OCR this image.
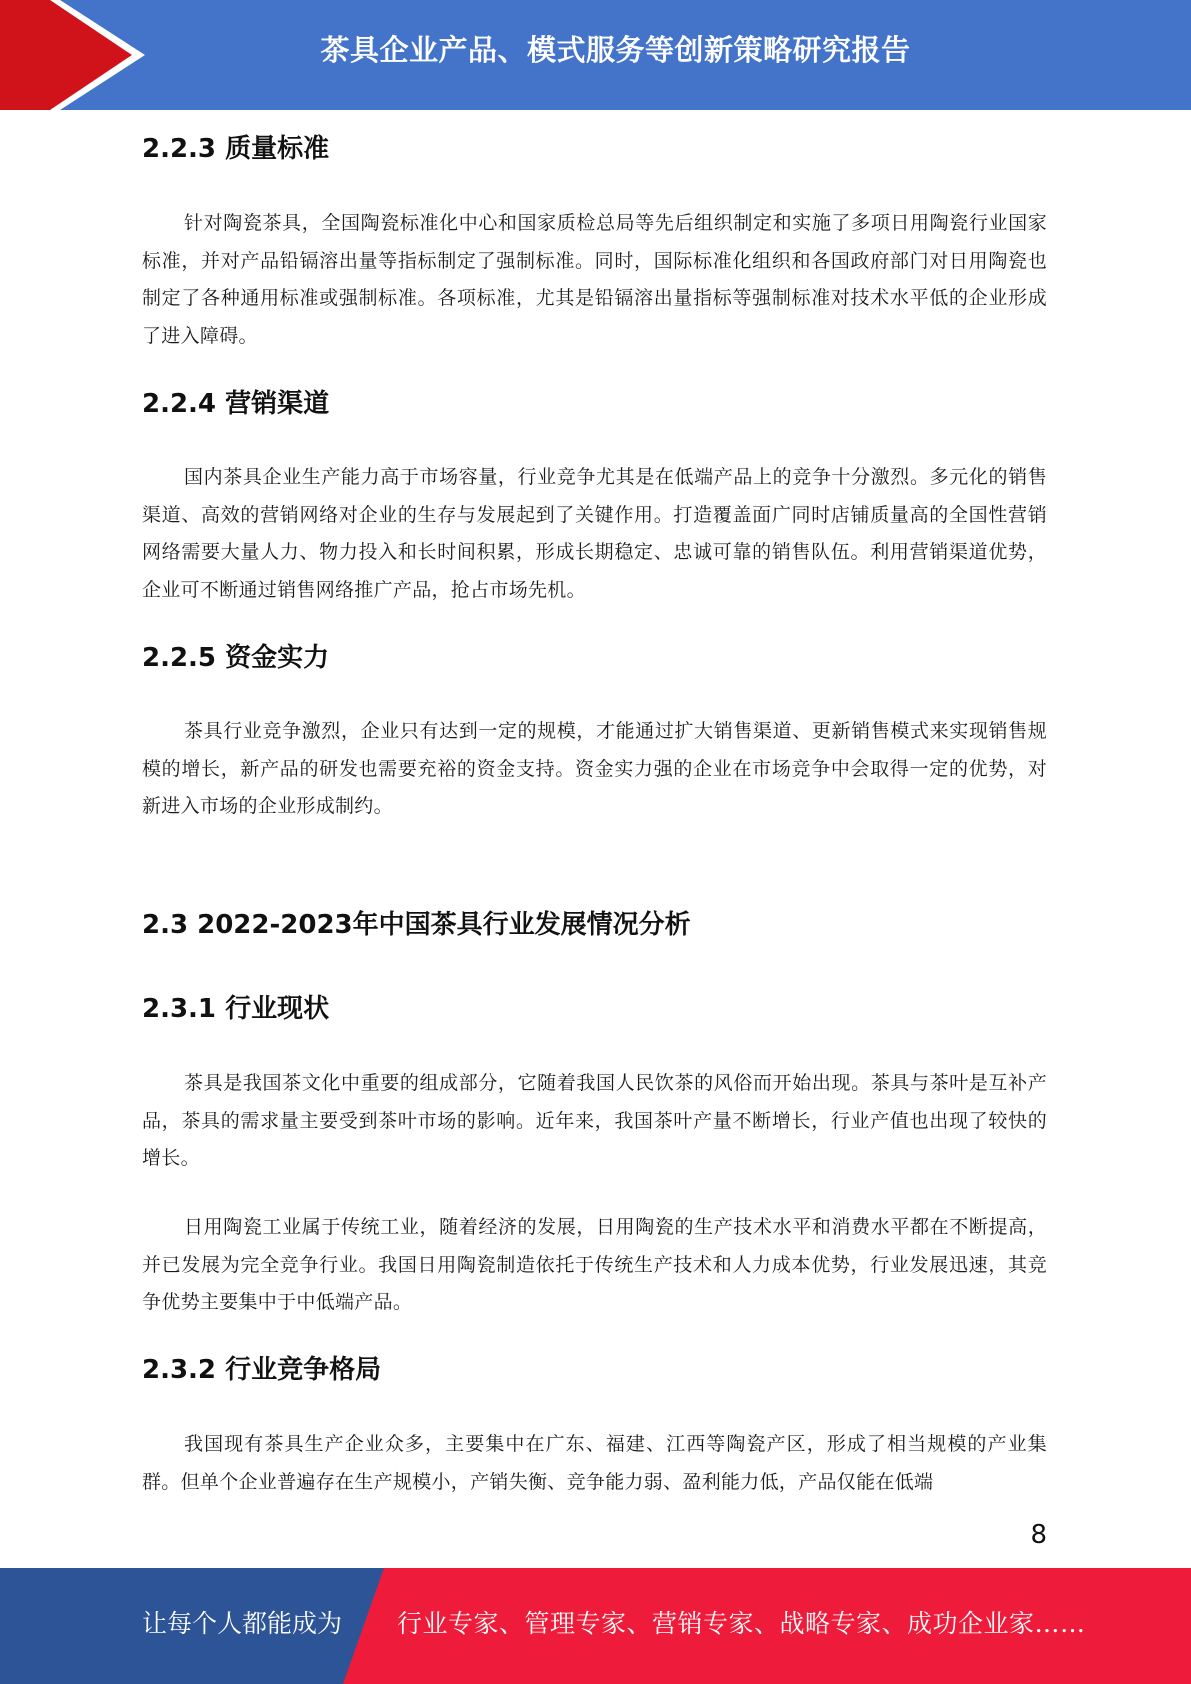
茶具企业产品、模式服务等创新策略研究报告
2.2.3 质量标准
针对陶瓷茶具，全国陶瓷标准化中心和国家质检总局等先后组织制定和实施了多项日用陶瓷行业国家标准，并对产品铅镉溶出量等指标制定了强制标准。同时，国际标准化组织和各国政府部门对日用陶瓷也制定了各种通用标准或强制标准。各项标准，尤其是铅镉溶出量指标等强制标准对技术水平低的企业形成了进入障碍。
2.2.4 营销渠道
国内茶具企业生产能力高于市场容量，行业竞争尤其是在低端产品上的竞争十分激烈。多元化的销售渠道、高效的营销网络对企业的生存与发展起到了关键作用。打造覆盖面广同时店铺质量高的全国性营销网络需要大量人力、物力投入和长时间积累，形成长期稳定、忠诚可靠的销售队伍。利用营销渠道优势，企业可不断通过销售网络推广产品，抢占市场先机。
2.2.5 资金实力
茶具行业竞争激烈，企业只有达到一定的规模，才能通过扩大销售渠道、更新销售模式来实现销售规模的增长，新产品的研发也需要充裕的资金支持。资金实力强的企业在市场竞争中会取得一定的优势，对新进入市场的企业形成制约。
2.3 2022-2023年中国茶具行业发展情况分析
2.3.1 行业现状
茶具是我国茶文化中重要的组成部分，它随着我国人民饮茶的风俗而开始出现。茶具与茶叶是互补产品，茶具的需求量主要受到茶叶市场的影响。近年来，我国茶叶产量不断增长，行业产值也出现了较快的增长。
日用陶瓷工业属于传统工业，随着经济的发展，日用陶瓷的生产技术水平和消费水平都在不断提高，并已发展为完全竞争行业。我国日用陶瓷制造依托于传统生产技术和人力成本优势，行业发展迅速，其竞争优势主要集中于中低端产品。
2.3.2 行业竞争格局
我国现有茶具生产企业众多，主要集中在广东、福建、江西等陶瓷产区，形成了相当规模的产业集群。但单个企业普遍存在生产规模小，产销失衡、竞争能力弱、盈利能力低，产品仅能在低端
8
让每个人都能成为 行业专家、管理专家、营销专家、战略专家、成功企业家……
